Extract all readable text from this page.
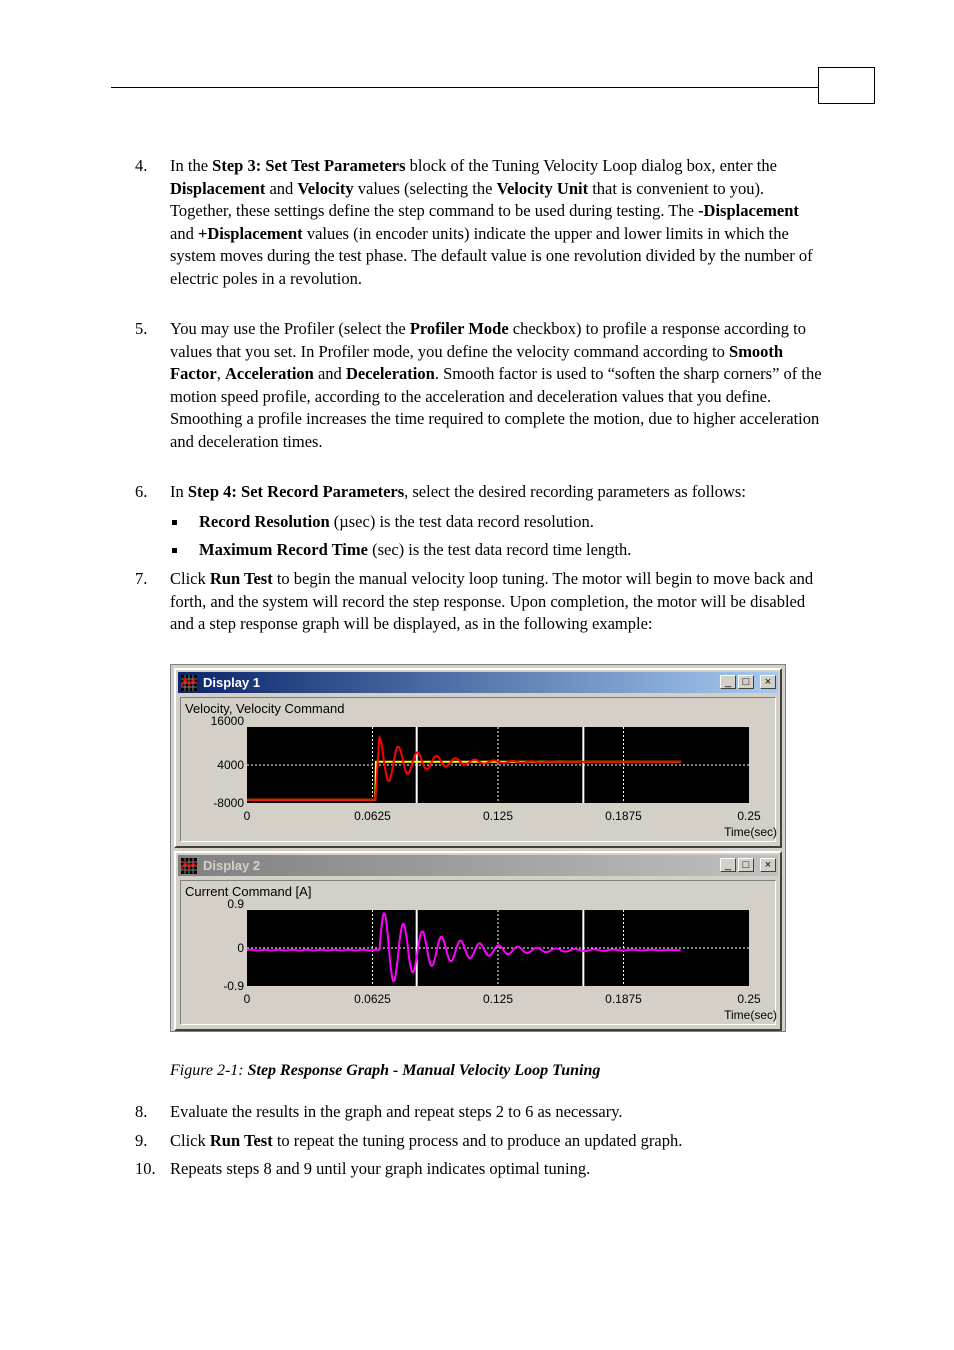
4. In the Step 3: Set Test Parameters block of the Tuning Velocity Loop dialog box, enter the Displacement and Velocity values (selecting the Velocity Unit that is convenient to you). Together, these settings define the step command to be used during testing. The -Displacement and +Displacement values (in encoder units) indicate the upper and lower limits in which the system moves during the test phase. The default value is one revolution divided by the number of electric poles in a revolution.
5. You may use the Profiler (select the Profiler Mode checkbox) to profile a response according to values that you set. In Profiler mode, you define the velocity command according to Smooth Factor, Acceleration and Deceleration. Smooth factor is used to “soften the sharp corners” of the motion speed profile, according to the acceleration and deceleration values that you define. Smoothing a profile increases the time required to complete the motion, due to higher acceleration and deceleration times.
6. In Step 4: Set Record Parameters, select the desired recording parameters as follows:
Record Resolution (µsec) is the test data record resolution.
Maximum Record Time (sec) is the test data record time length.
7. Click Run Test to begin the manual velocity loop tuning. The motor will begin to move back and forth, and the system will record the step response. Upon completion, the motor will be disabled and a step response graph will be displayed, as in the following example:
Display 1	_	□	×
Velocity, Velocity Command
16000
4000
-8000
0	0.0625	0.125	0.1875	0.25
Time(sec)
Display 2	_	□	×
Current Command [A]
0.9
0
-0.9
0	0.0625	0.125	0.1875	0.25
Time(sec)
Figure 2-1: Step Response Graph - Manual Velocity Loop Tuning
8. Evaluate the results in the graph and repeat steps 2 to 6 as necessary.
9. Click Run Test to repeat the tuning process and to produce an updated graph.
10. Repeats steps 8 and 9 until your graph indicates optimal tuning.
